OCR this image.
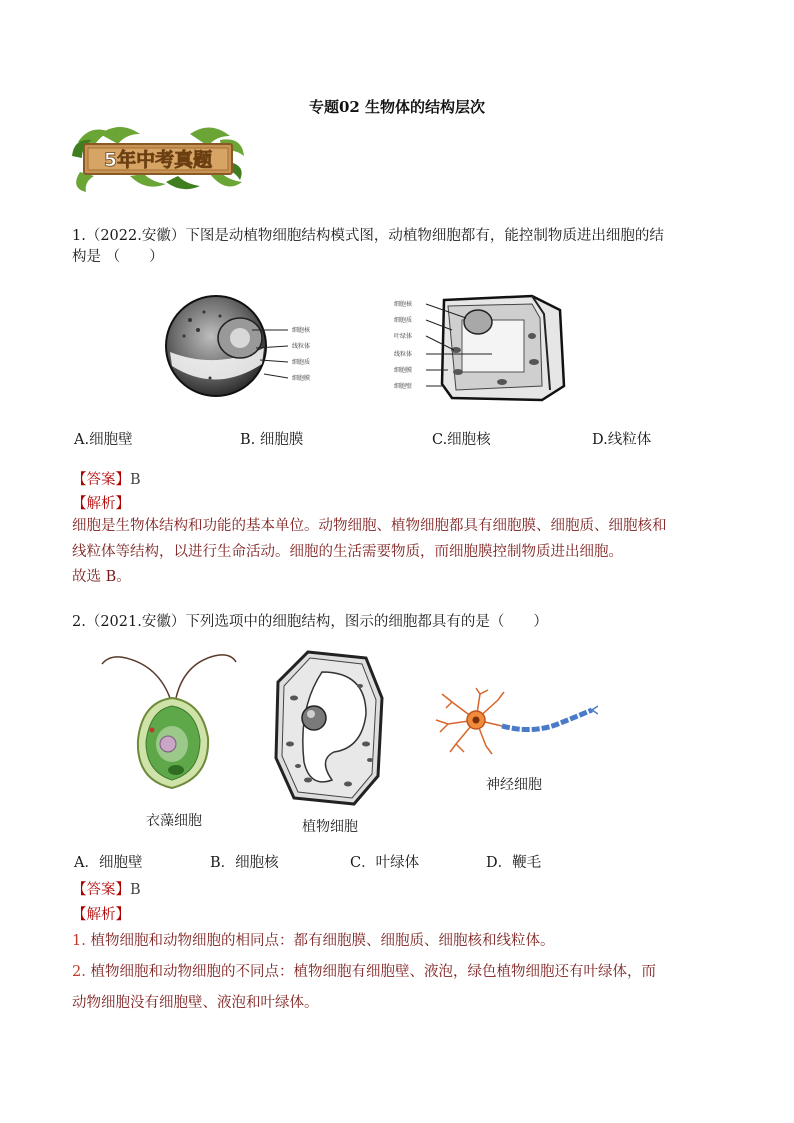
专题02 生物体的结构层次
5年中考真题
1.（2022.安徽）下图是动植物细胞结构模式图，动植物细胞都有，能控制物质进出细胞的结
构是 （　　）
细胞核
线粒体
细胞质
细胞膜
细胞核
细胞质
叶绿体
线粒体
细胞膜
细胞壁
A.细胞壁	B. 细胞膜	C.细胞核	D.线粒体
【答案】B
【解析】
细胞是生物体结构和功能的基本单位。动物细胞、植物细胞都具有细胞膜、细胞质、细胞核和
线粒体等结构，以进行生命活动。细胞的生活需要物质，而细胞膜控制物质进出细胞。
故选 B。
2.（2021.安徽）下列选项中的细胞结构，图示的细胞都具有的是（　　）
衣藻细胞	植物细胞
神经细胞
A．细胞壁	B．细胞核	C．叶绿体	D．鞭毛
【答案】B
【解析】
1. 植物细胞和动物细胞的相同点：都有细胞膜、细胞质、细胞核和线粒体。
2. 植物细胞和动物细胞的不同点：植物细胞有细胞壁、液泡，绿色植物细胞还有叶绿体，而
动物细胞没有细胞壁、液泡和叶绿体。
